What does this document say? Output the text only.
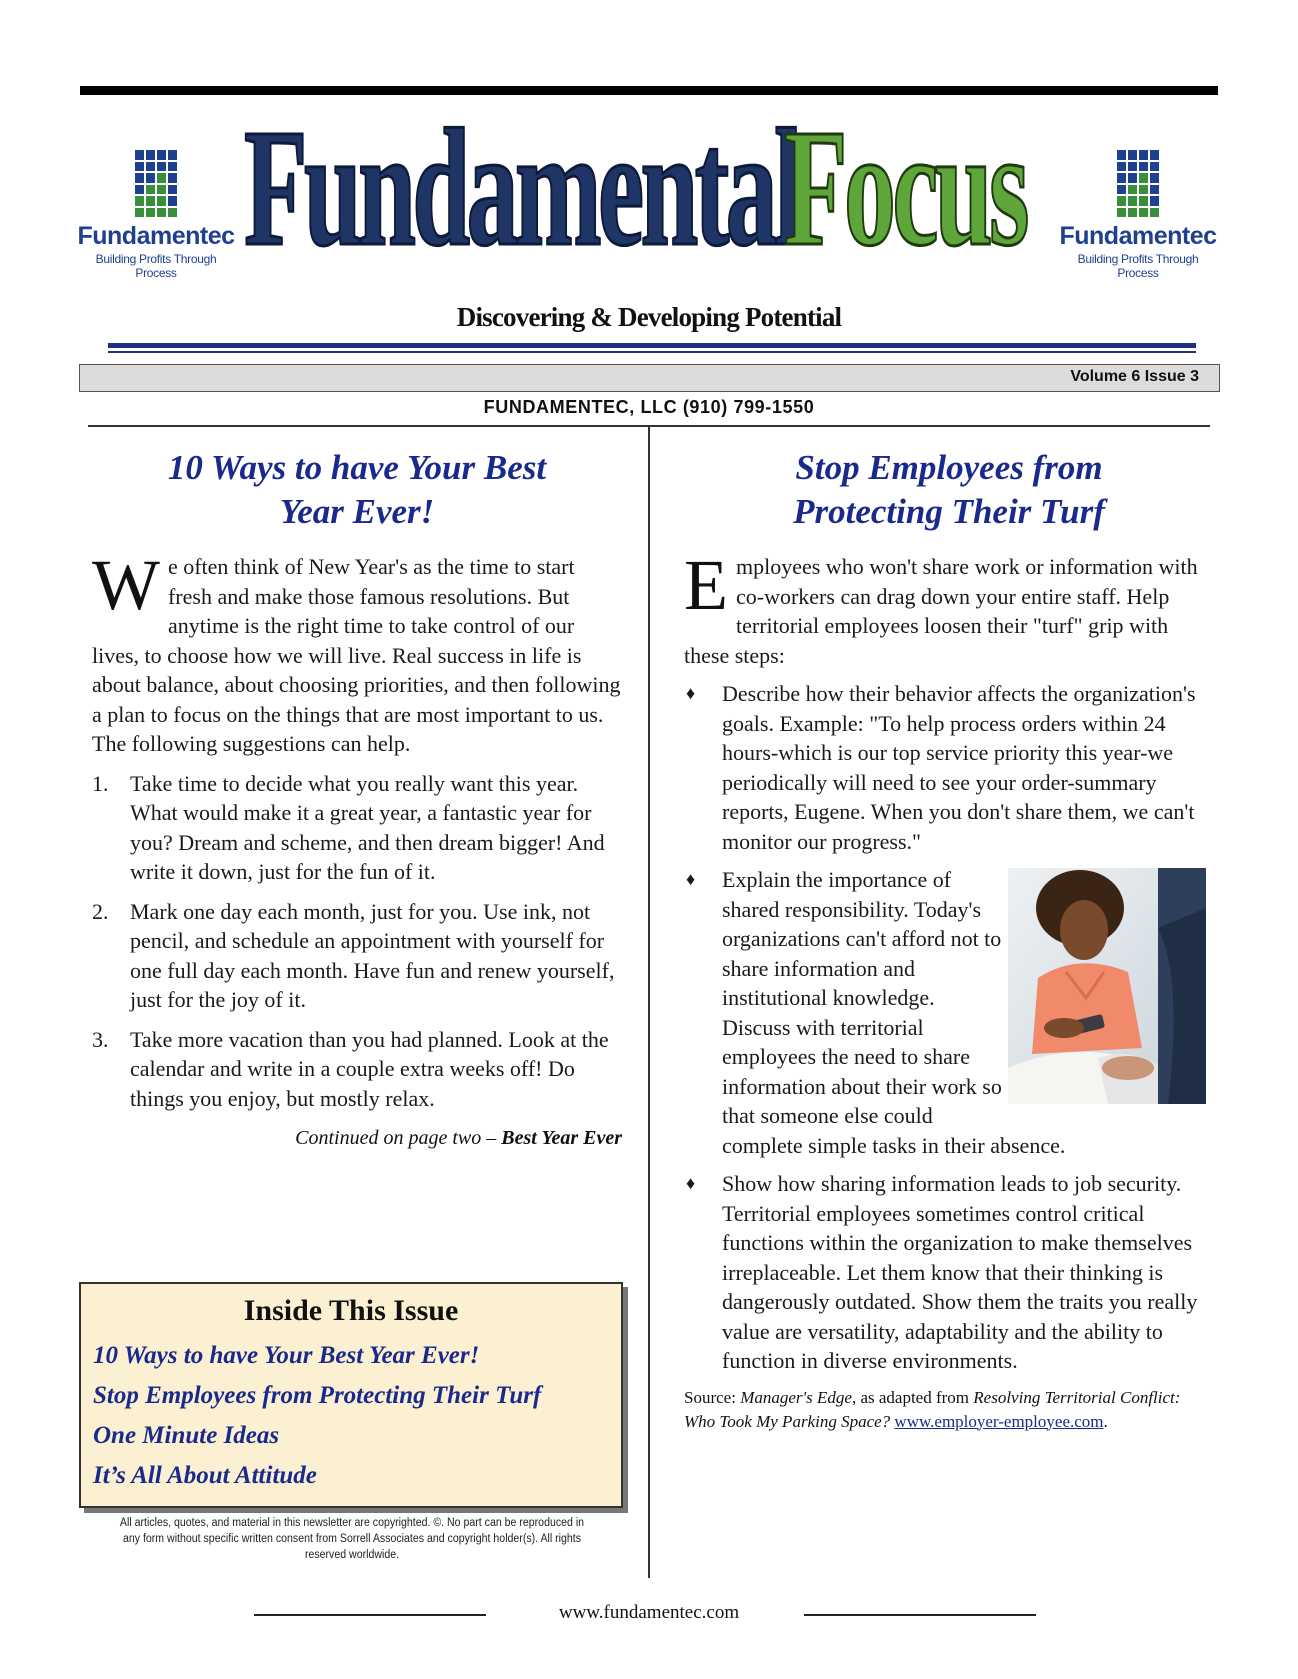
Fundamentec
Building Profits Through Process
Fundamentec
Building Profits Through Process
Fundamental
Focus
Discovering & Developing Potential
Volume 6 Issue 3
FUNDAMENTEC, LLC (910) 799-1550
10 Ways to have Your Best Year Ever!
W e often think of New Year's as the time to start fresh and make those famous resolutions. But anytime is the right time to take control of our lives, to choose how we will live. Real success in life is about balance, about choosing priorities, and then following a plan to focus on the things that are most important to us. The following suggestions can help.
1. Take time to decide what you really want this year. What would make it a great year, a fantastic year for you? Dream and scheme, and then dream bigger! And write it down, just for the fun of it.
2. Mark one day each month, just for you. Use ink, not pencil, and schedule an appointment with yourself for one full day each month. Have fun and renew yourself, just for the joy of it.
3. Take more vacation than you had planned. Look at the calendar and write in a couple extra weeks off! Do things you enjoy, but mostly relax.
Continued on page two – Best Year Ever
Inside This Issue
10 Ways to have Your Best Year Ever!
Stop Employees from Protecting Their Turf
One Minute Ideas
It’s All About Attitude
All articles, quotes, and material in this newsletter are copyrighted. ©. No part can be reproduced in any form without specific written consent from Sorrell Associates and copyright holder(s). All rights reserved worldwide.
Stop Employees from Protecting Their Turf
E mployees who won't share work or information with co-workers can drag down your entire staff. Help territorial employees loosen their "turf" grip with these steps:
♦ Describe how their behavior affects the organization's goals. Example: "To help process orders within 24 hours-which is our top service priority this year-we periodically will need to see your order-summary reports, Eugene. When you don't share them, we can't monitor our progress."
♦ Explain the importance of shared responsibility. Today's organizations can't afford not to share information and institutional knowledge. Discuss with territorial employees the need to share information about their work so that someone else could complete simple tasks in their absence.
♦ Show how sharing information leads to job security. Territorial employees sometimes control critical functions within the organization to make themselves irreplaceable. Let them know that their thinking is dangerously outdated. Show them the traits you really value are versatility, adaptability and the ability to function in diverse environments.
Source: Manager's Edge, as adapted from Resolving Territorial Conflict: Who Took My Parking Space? www.employer-employee.com.
www.fundamentec.com
